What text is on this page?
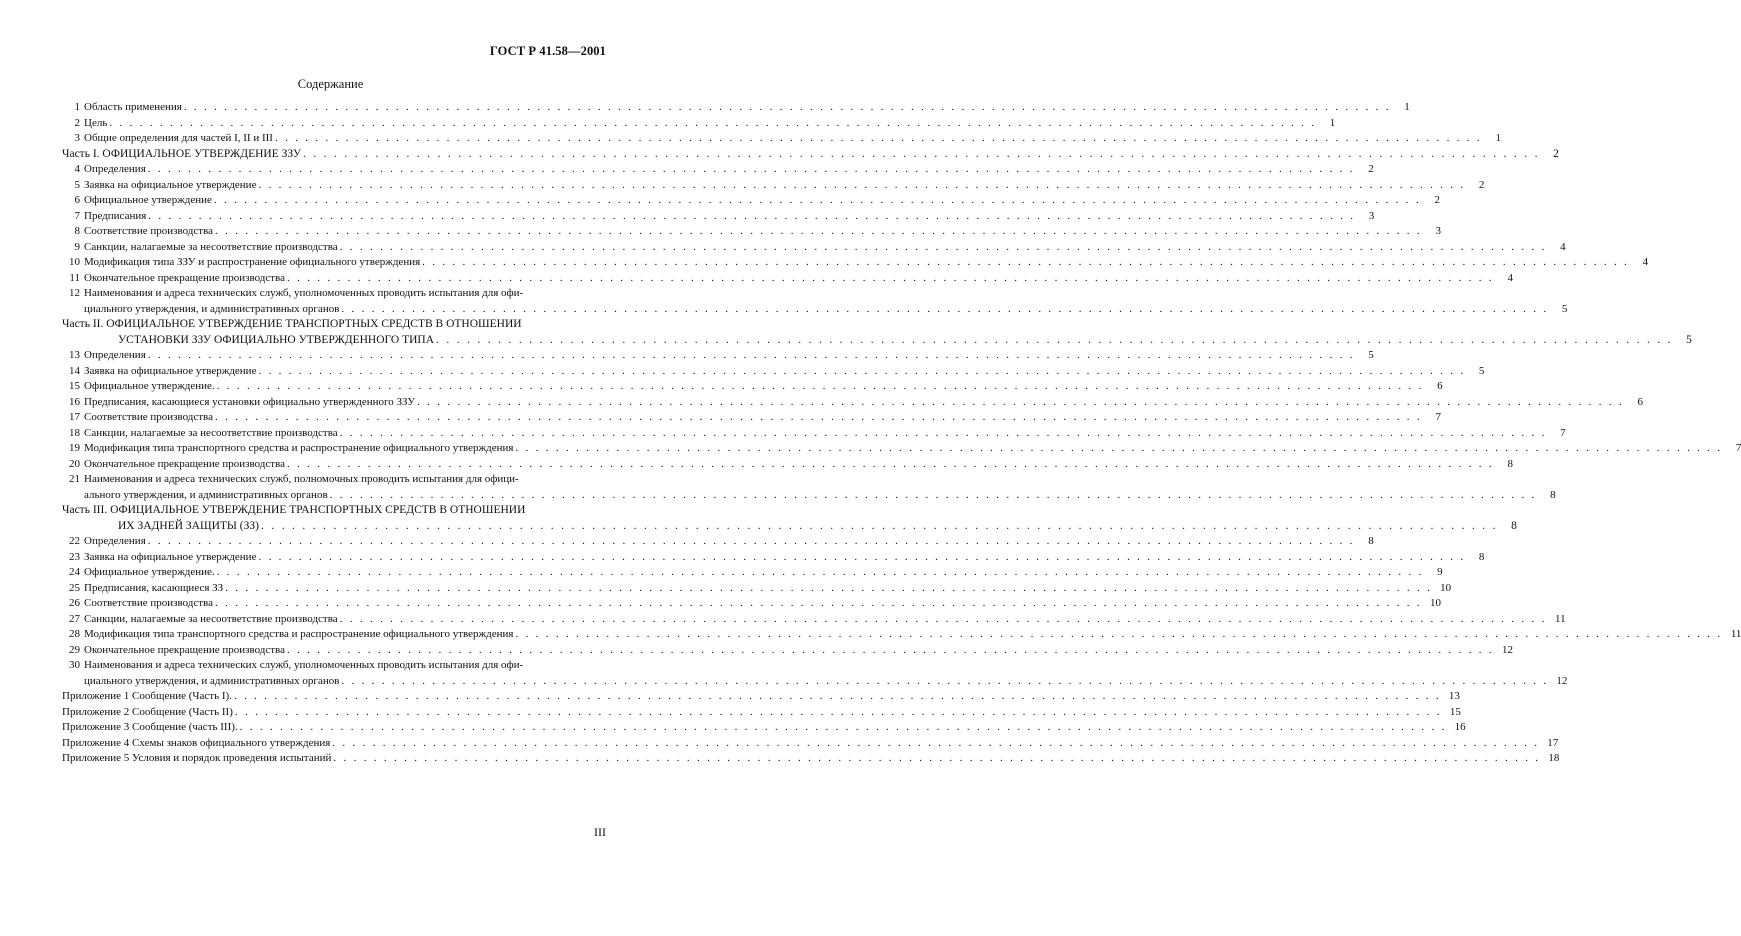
ГОСТ Р 41.58—2001
Содержание
1 Область применения . . . . . . . . . . . . . . . . . . . . . . . . . . . . . . . . . . . . . . . . . . . . . . . . . . . . . . . . . . . . . . . . . . . . . . . . . . . . . . . . . . . . . . . . . . . . . . . . . . . . . . . . . . . . . . . . . . . . . . . .	1
2 Цель . . . . . . . . . . . . . . . . . . . . . . . . . . . . . . . . . . . . . . . . . . . . . . . . . . . . . . . . . . . . . . . . . . . . . . . . . . . . . . . . . . . . . . . . . . . . . . . . . . . . . . . . . . . . . . . . . . . . . . . .	1
3 Общие определения для частей I, II и III . . . . . . . . . . . . . . . . . . . . . . . . . . . . . . . . . . . . . . . . . . . . . . . . . . . . . . . . . . . . . . . . . . . . . . . . . . . . . . . . . . . . . . . . . . . . . . . . . . . . . . . . . . . . . . . . . . . . . . . .	1
Часть I. ОФИЦИАЛЬНОЕ УТВЕРЖДЕНИЕ ЗЗУ . . . . . . . . . . . . . . . . . . . . . . . . . . . . . . . . . . . . . . . . . . . . . . . . . . . . . . . . . . . . . . . . . . . . . . . . . . . . . . . . . . . . . . . . . . . . . . . . . . . . . . . . . . . . . . . . . . . . . . . .	2
4 Определения . . . . . . . . . . . . . . . . . . . . . . . . . . . . . . . . . . . . . . . . . . . . . . . . . . . . . . . . . . . . . . . . . . . . . . . . . . . . . . . . . . . . . . . . . . . . . . . . . . . . . . . . . . . . . . . . . . . . . . . .	2
5 Заявка на официальное утверждение . . . . . . . . . . . . . . . . . . . . . . . . . . . . . . . . . . . . . . . . . . . . . . . . . . . . . . . . . . . . . . . . . . . . . . . . . . . . . . . . . . . . . . . . . . . . . . . . . . . . . . . . . . . . . . . . . . . . . . . .	2
6 Официальное утверждение . . . . . . . . . . . . . . . . . . . . . . . . . . . . . . . . . . . . . . . . . . . . . . . . . . . . . . . . . . . . . . . . . . . . . . . . . . . . . . . . . . . . . . . . . . . . . . . . . . . . . . . . . . . . . . . . . . . . . . . .	2
7 Предписания . . . . . . . . . . . . . . . . . . . . . . . . . . . . . . . . . . . . . . . . . . . . . . . . . . . . . . . . . . . . . . . . . . . . . . . . . . . . . . . . . . . . . . . . . . . . . . . . . . . . . . . . . . . . . . . . . . . . . . . .	3
8 Соответствие производства . . . . . . . . . . . . . . . . . . . . . . . . . . . . . . . . . . . . . . . . . . . . . . . . . . . . . . . . . . . . . . . . . . . . . . . . . . . . . . . . . . . . . . . . . . . . . . . . . . . . . . . . . . . . . . . . . . . . . . . .	3
9 Санкции, налагаемые за несоответствие производства . . . . . . . . . . . . . . . . . . . . . . . . . . . . . . . . . . . . . . . . . . . . . . . . . . . . . . . . . . . . . . . . . . . . . . . . . . . . . . . . . . . . . . . . . . . . . . . . . . . . . . . . . . . . . . . . . . . . . . . .	4
10 Модификация типа ЗЗУ и распространение официального утверждения . . . . . . . . . . . . . . . . . . . . . . . . . . . . . . . . . . . . . . . . . . . . . . . . . . . . . . . . . . . . . . . . . . . . . . . . . . . . . . . . . . . . . . . . . . . . . . . . . . . . . . . . . . . . . . . . . . . . . . . .	4
11 Окончательное прекращение производства . . . . . . . . . . . . . . . . . . . . . . . . . . . . . . . . . . . . . . . . . . . . . . . . . . . . . . . . . . . . . . . . . . . . . . . . . . . . . . . . . . . . . . . . . . . . . . . . . . . . . . . . . . . . . . . . . . . . . . . .	4
12 Наименования и адреса технических служб, уполномоченных проводить испытания для офи-
циального утверждения, и административных органов . . . . . . . . . . . . . . . . . . . . . . . . . . . . . . . . . . . . . . . . . . . . . . . . . . . . . . . . . . . . . . . . . . . . . . . . . . . . . . . . . . . . . . . . . . . . . . . . . . . . . . . . . . . . . . . . . . . . . . . .	5
Часть II. ОФИЦИАЛЬНОЕ УТВЕРЖДЕНИЕ ТРАНСПОРТНЫХ СРЕДСТВ В ОТНОШЕНИИ
УСТАНОВКИ ЗЗУ ОФИЦИАЛЬНО УТВЕРЖДЕННОГО ТИПА . . . . . . . . . . . . . . . . . . . . . . . . . . . . . . . . . . . . . . . . . . . . . . . . . . . . . . . . . . . . . . . . . . . . . . . . . . . . . . . . . . . . . . . . . . . . . . . . . . . . . . . . . . . . . . . . . . . . . . . .	5
13 Определения . . . . . . . . . . . . . . . . . . . . . . . . . . . . . . . . . . . . . . . . . . . . . . . . . . . . . . . . . . . . . . . . . . . . . . . . . . . . . . . . . . . . . . . . . . . . . . . . . . . . . . . . . . . . . . . . . . . . . . . .	5
14 Заявка на официальное утверждение . . . . . . . . . . . . . . . . . . . . . . . . . . . . . . . . . . . . . . . . . . . . . . . . . . . . . . . . . . . . . . . . . . . . . . . . . . . . . . . . . . . . . . . . . . . . . . . . . . . . . . . . . . . . . . . . . . . . . . . .	5
15 Официальное утверждение. . . . . . . . . . . . . . . . . . . . . . . . . . . . . . . . . . . . . . . . . . . . . . . . . . . . . . . . . . . . . . . . . . . . . . . . . . . . . . . . . . . . . . . . . . . . . . . . . . . . . . . . . . . . . . . . . . . . . . . . .	6
16 Предписания, касающиеся установки официально утвержденного ЗЗУ . . . . . . . . . . . . . . . . . . . . . . . . . . . . . . . . . . . . . . . . . . . . . . . . . . . . . . . . . . . . . . . . . . . . . . . . . . . . . . . . . . . . . . . . . . . . . . . . . . . . . . . . . . . . . . . . . . . . . . . .	6
17 Соответствие производства . . . . . . . . . . . . . . . . . . . . . . . . . . . . . . . . . . . . . . . . . . . . . . . . . . . . . . . . . . . . . . . . . . . . . . . . . . . . . . . . . . . . . . . . . . . . . . . . . . . . . . . . . . . . . . . . . . . . . . . .	7
18 Санкции, налагаемые за несоответствие производства . . . . . . . . . . . . . . . . . . . . . . . . . . . . . . . . . . . . . . . . . . . . . . . . . . . . . . . . . . . . . . . . . . . . . . . . . . . . . . . . . . . . . . . . . . . . . . . . . . . . . . . . . . . . . . . . . . . . . . . .	7
19 Модификация типа транспортного средства и распространение официального утверждения . . . . . . . . . . . . . . . . . . . . . . . . . . . . . . . . . . . . . . . . . . . . . . . . . . . . . . . . . . . . . . . . . . . . . . . . . . . . . . . . . . . . . . . . . . . . . . . . . . . . . . . . . . . . . . . . . . . . . . . .	7
20 Окончательное прекращение производства . . . . . . . . . . . . . . . . . . . . . . . . . . . . . . . . . . . . . . . . . . . . . . . . . . . . . . . . . . . . . . . . . . . . . . . . . . . . . . . . . . . . . . . . . . . . . . . . . . . . . . . . . . . . . . . . . . . . . . . .	8
21 Наименования и адреса технических служб, полномочных проводить испытания для офици-
ального утверждения, и административных органов . . . . . . . . . . . . . . . . . . . . . . . . . . . . . . . . . . . . . . . . . . . . . . . . . . . . . . . . . . . . . . . . . . . . . . . . . . . . . . . . . . . . . . . . . . . . . . . . . . . . . . . . . . . . . . . . . . . . . . . .	8
Часть III. ОФИЦИАЛЬНОЕ УТВЕРЖДЕНИЕ ТРАНСПОРТНЫХ СРЕДСТВ В ОТНОШЕНИИ
ИХ ЗАДНЕЙ ЗАЩИТЫ (ЗЗ) . . . . . . . . . . . . . . . . . . . . . . . . . . . . . . . . . . . . . . . . . . . . . . . . . . . . . . . . . . . . . . . . . . . . . . . . . . . . . . . . . . . . . . . . . . . . . . . . . . . . . . . . . . . . . . . . . . . . . . . .	8
22 Определения . . . . . . . . . . . . . . . . . . . . . . . . . . . . . . . . . . . . . . . . . . . . . . . . . . . . . . . . . . . . . . . . . . . . . . . . . . . . . . . . . . . . . . . . . . . . . . . . . . . . . . . . . . . . . . . . . . . . . . . .	8
23 Заявка на официальное утверждение . . . . . . . . . . . . . . . . . . . . . . . . . . . . . . . . . . . . . . . . . . . . . . . . . . . . . . . . . . . . . . . . . . . . . . . . . . . . . . . . . . . . . . . . . . . . . . . . . . . . . . . . . . . . . . . . . . . . . . . .	8
24 Официальное утверждение. . . . . . . . . . . . . . . . . . . . . . . . . . . . . . . . . . . . . . . . . . . . . . . . . . . . . . . . . . . . . . . . . . . . . . . . . . . . . . . . . . . . . . . . . . . . . . . . . . . . . . . . . . . . . . . . . . . . . . . . .	9
25 Предписания, касающиеся ЗЗ . . . . . . . . . . . . . . . . . . . . . . . . . . . . . . . . . . . . . . . . . . . . . . . . . . . . . . . . . . . . . . . . . . . . . . . . . . . . . . . . . . . . . . . . . . . . . . . . . . . . . . . . . . . . . . . . . . . . . . . . 10
26 Соответствие производства . . . . . . . . . . . . . . . . . . . . . . . . . . . . . . . . . . . . . . . . . . . . . . . . . . . . . . . . . . . . . . . . . . . . . . . . . . . . . . . . . . . . . . . . . . . . . . . . . . . . . . . . . . . . . . . . . . . . . . . . 10
27 Санкции, налагаемые за несоответствие производства . . . . . . . . . . . . . . . . . . . . . . . . . . . . . . . . . . . . . . . . . . . . . . . . . . . . . . . . . . . . . . . . . . . . . . . . . . . . . . . . . . . . . . . . . . . . . . . . . . . . . . . . . . . . . . . . . . . . . . . . 11
28 Модификация типа транспортного средства и распространение официального утверждения . . . . . . . . . . . . . . . . . . . . . . . . . . . . . . . . . . . . . . . . . . . . . . . . . . . . . . . . . . . . . . . . . . . . . . . . . . . . . . . . . . . . . . . . . . . . . . . . . . . . . . . . . . . . . . . . . . . . . . . . 11
29 Окончательное прекращение производства . . . . . . . . . . . . . . . . . . . . . . . . . . . . . . . . . . . . . . . . . . . . . . . . . . . . . . . . . . . . . . . . . . . . . . . . . . . . . . . . . . . . . . . . . . . . . . . . . . . . . . . . . . . . . . . . . . . . . . . . 12
30 Наименования и адреса технических служб, уполномоченных проводить испытания для офи-
циального утверждения, и административных органов . . . . . . . . . . . . . . . . . . . . . . . . . . . . . . . . . . . . . . . . . . . . . . . . . . . . . . . . . . . . . . . . . . . . . . . . . . . . . . . . . . . . . . . . . . . . . . . . . . . . . . . . . . . . . . . . . . . . . . . . 12
Приложение 1 Сообщение (Часть I). . . . . . . . . . . . . . . . . . . . . . . . . . . . . . . . . . . . . . . . . . . . . . . . . . . . . . . . . . . . . . . . . . . . . . . . . . . . . . . . . . . . . . . . . . . . . . . . . . . . . . . . . . . . . . . . . . . . . . . . . 13
Приложение 2 Сообщение (Часть II) . . . . . . . . . . . . . . . . . . . . . . . . . . . . . . . . . . . . . . . . . . . . . . . . . . . . . . . . . . . . . . . . . . . . . . . . . . . . . . . . . . . . . . . . . . . . . . . . . . . . . . . . . . . . . . . . . . . . . . . . 15
Приложение 3 Сообщение (часть III). . . . . . . . . . . . . . . . . . . . . . . . . . . . . . . . . . . . . . . . . . . . . . . . . . . . . . . . . . . . . . . . . . . . . . . . . . . . . . . . . . . . . . . . . . . . . . . . . . . . . . . . . . . . . . . . . . . . . . . . . 16
Приложение 4 Схемы знаков официального утверждения . . . . . . . . . . . . . . . . . . . . . . . . . . . . . . . . . . . . . . . . . . . . . . . . . . . . . . . . . . . . . . . . . . . . . . . . . . . . . . . . . . . . . . . . . . . . . . . . . . . . . . . . . . . . . . . . . . . . . . . . 17
Приложение 5 Условия и порядок проведения испытаний . . . . . . . . . . . . . . . . . . . . . . . . . . . . . . . . . . . . . . . . . . . . . . . . . . . . . . . . . . . . . . . . . . . . . . . . . . . . . . . . . . . . . . . . . . . . . . . . . . . . . . . . . . . . . . . . . . . . . . . . 18
III
